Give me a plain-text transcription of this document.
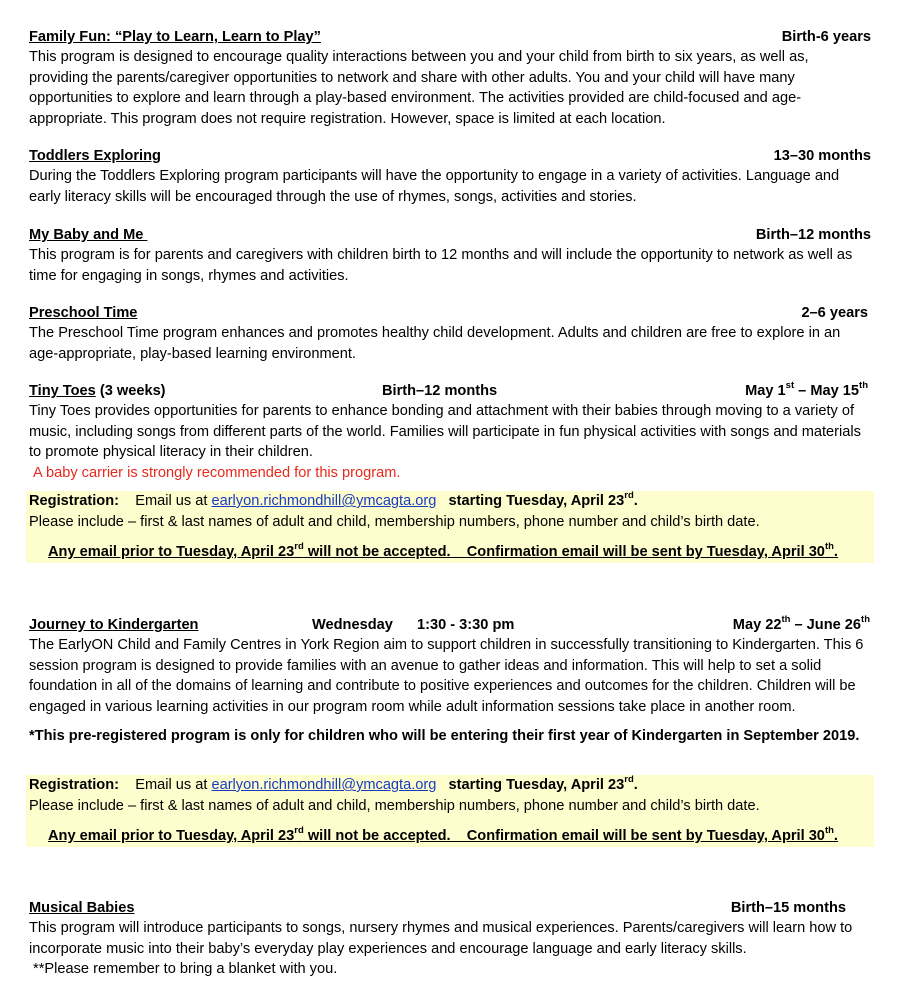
Family Fun: “Play to Learn, Learn to Play”	Birth-6 years

This program is designed to encourage quality interactions between you and your child from birth to six years, as well as, providing the parents/caregiver opportunities to network and share with other adults. You and your child will have many opportunities to explore and learn through a play-based environment. The activities provided are child-focused and age-appropriate. This program does not require registration. However, space is limited at each location.

Toddlers Exploring	13–30 months

During the Toddlers Exploring program participants will have the opportunity to engage in a variety of activities. Language and early literacy skills will be encouraged through the use of rhymes, songs, activities and stories.

My Baby and Me	Birth–12 months

This program is for parents and caregivers with children birth to 12 months and will include the opportunity to network as well as time for engaging in songs, rhymes and activities.

Preschool Time	2–6 years

The Preschool Time program enhances and promotes healthy child development. Adults and children are free to explore in an age-appropriate, play-based learning environment.

Tiny Toes (3 weeks)	Birth–12 months	May 1st – May 15th

Tiny Toes provides opportunities for parents to enhance bonding and attachment with their babies through moving to a variety of music, including songs from different parts of the world. Families will participate in fun physical activities with songs and materials to promote physical literacy in their children.

A baby carrier is strongly recommended for this program.

Registration: Email us at earlyon.richmondhill@ymcagta.org starting Tuesday, April 23rd.
Please include – first & last names of adult and child, membership numbers, phone number and child’s birth date.
Any email prior to Tuesday, April 23rd will not be accepted.    Confirmation email will be sent by Tuesday, April 30th.
Journey to Kindergarten	Wednesday 1:30 - 3:30 pm	May 22th – June 26th

The EarlyON Child and Family Centres in York Region aim to support children in successfully transitioning to Kindergarten. This 6 session program is designed to provide families with an avenue to gather ideas and information. This will help to set a solid foundation in all of the domains of learning and contribute to positive experiences and outcomes for the children. Children will be engaged in various learning activities in our program room while adult information sessions take place in another room.

*This pre-registered program is only for children who will be entering their first year of Kindergarten in September 2019.

Registration: Email us at earlyon.richmondhill@ymcagta.org starting Tuesday, April 23rd.
Please include – first & last names of adult and child, membership numbers, phone number and child’s birth date.
Any email prior to Tuesday, April 23rd will not be accepted.    Confirmation email will be sent by Tuesday, April 30th.
Musical Babies	Birth–15 months

This program will introduce participants to songs, nursery rhymes and musical experiences. Parents/caregivers will learn how to incorporate music into their baby’s everyday play experiences and encourage language and early literacy skills.

**Please remember to bring a blanket with you.
